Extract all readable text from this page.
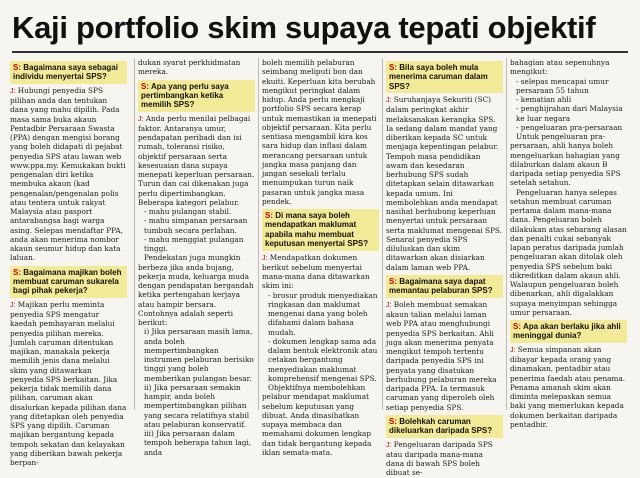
Kaji portfolio skim supaya tepati objektif
S: Bagaimana saya sebagai individu menyertai SPS?

J: Hubungi penyedia SPS pilihan anda dan tentukan dana yang mahu dipilih. Pada masa sama buka akaun Pentadbir Persaraan Swasta (PPA) dengan mengisi borang yang boleh didapati di pejabat penyedia SPS atau lawan web www.ppa.my. Kemukakan bukti pengenalan diri ketika membuka akaun (kad pengenalan/pengenalan polis atau tentera untuk rakyat Malaysia atau pasport antarabangsa bagi warga asing. Selepas mendaftar PPA, anda akan menerima nombor akaun seumur hidup dan kata laluan.

S: Bagaimana majikan boleh membuat caruman sukarela bagi pihak pekerja?

J: Majikan perlu meminta penyedia SPS mengatur kaedah pembayaran melalui penyedia pilihan mereka. Jumlah caruman ditentukan majikan, manakala pekerja memilih jenis dana melalui skim yang ditawarkan penyedia SPS berkaitan. Jika pekerja tidak memilih dana pilihan, caruman akan disalurkan kepada pilihan dana yang ditetapkan oleh penyedia SPS yang dipilih. Caruman majikan bergantung kepada tempoh sekatan dan kelayakan yang diberikan bawah pekerja berpan-

dukan syarat perkhidmatan mereka.

S: Apa yang perlu saya pertimbangkan ketika memilih SPS?

J: Anda perlu menilai pelbagai faktor. Antaranya umur, pendapatan peribadi dan isi rumah, toleransi risiko, objektif persaraan serta kesesuaian dana supaya menepati keperluan persaraan. Turun dan cai dikenakan juga perlu dipertimbangkan. Beberapa kategori pelabur.

- mahu pulangan stabil.

- mahu simpanan persaraan tumbuh secara perlahan.

- mahu menggiat pulangan tinggi.

Pendekatan juga mungkin berbeza jika anda bujang, pekerja muda, keluarga muda dengan pendapatan bergandah ketika pertengahan kerjaya atau hampir bersara. Contohnya adalah seperti berikut:

i) Jika persaraan masih lama, anda boleh mempertimbangkan instrumen pelaburan berisiko tinggi yang boleh memberikan pulangan besar.

ii) Jika persaraan semakin hampir, anda boleh mempertimbangkan pilihan yang secara relatifnya stabil atau pelaburan konservatif.

iii) Jika persaraan dalam tempoh beberapa tahun lagi, anda

boleh memilih pelaburan seimbang meliputi bon dan ekuiti. Keperluan kita berubah mengikut peringkat dalam hidup. Anda perlu mengkaji portfolio SPS secara kerap untuk memastikan ia menepati objektif persaraan. Kita perlu sentiasa mengambil kira kos sara hidup dan inflasi dalam merancang persaraan untuk jangka masa panjang dan jangan sesekali terlalu menumpukan turun naik pasaran untuk jangka masa pendek.

S: Di mana saya boleh mendapatkan maklumat apabila mahu membuat keputusan menyertai SPS?

J: Mendapatkan dokumen berikut sebelum menyertai mana-mana dana ditawarkan skim ini:

- brosur produk menyediakan ringkasan dan maklumat mengenai dana yang boleh difahami dalam bahasa mudah.

- dokumen lengkap sama ada dalam bentuk elektronik atau cetakan bergantung menyediakan maklumat komprehensif mengenai SPS.

Objektifnya membolehkan pelabur mendapat maklumat sebelum keputusan yang dibuat. Anda dinasihatkan supaya membaca dan memahami dokumen lengkap dan tidak bergantung kepada iklan semata-mata.

S: Bila saya boleh mula menerima caruman dalam SPS?

J: Suruhanjaya Sekuriti (SC) dalam peringkat akhir melaksanakan kerangka SPS. Ia sedang dalam mandat yang diberikan kepada SC untuk menjaga kepentingan pelabur. Tempoh masa pendidikan awam dan kesedaran berhubung SPS sudah ditetapkan selain ditawarkan kepada umum. Ini membolehkan anda mendapat nasihat berhubung keperluan menyertai untuk persaraan serta maklumat mengenai SPS. Senarai penyedia SPS diluluskan dan skim ditawarkan akan disiarkan dalam laman web PPA.

S: Bagaimana saya dapat memantau pelaburan SPS?

J: Boleh membuat semakan akaun talian melalui laman web PPA atau menghubungi penyedia SPS berkaitan. Ahli juga akan menerima penyata mengikut tempoh tertentu daripada penyedia SPS ini penyata yang disatukan berhubung pelaburan mereka daripada PPA. Ia termasuk caruman yang diperoleh oleh setiap penyedia SPS.

S: Bolehkah caruman dikeluarkan daripada SPS?

J: Pengeluaran daripada SPS atau daripada mana-mana dana di bawah SPS boleh dibuat se-

bahagian atau sepenuhnya mengikut:

- selepas mencapai umur persaraan 55 tahun

- kematian ahli

- penghijrahan dari Malaysia ke luar negara

- pengeluaran pra-persaraan

Untuk pengeluaran pra-persaraan, ahli hanya boleh mengeluarkan bahagian yang dilaburkan dalam akaun B daripada setiap penyedia SPS setelah setahun.

Pengeluaran hanya selepas setahun membuat caruman pertama dalam mana-mana dana. Pengeluaran boleh dilakukan atas sebarang alasan dan penalti cukai sebanyak lapan peratus daripada jumlah pengeluaran akan ditolak oleh penyedia SPS sebelum baki dikreditkan dalam akaun ahli. Walaupun pengeluaran boleh dibenarkan, ahli digalakkan supaya menyimpan sehingga umur persaraan.

S: Apa akan berlaku jika ahli meninggal dunia?

J: Semua simpanan akan dibayar kepada orang yang dinamakan, pentadbir atau penerima faedah atau penama. Penama amanah skim akan diminta melepaskan semua baki yang memerlukan kepada dokumen berkaitan daripada pentadbir.
